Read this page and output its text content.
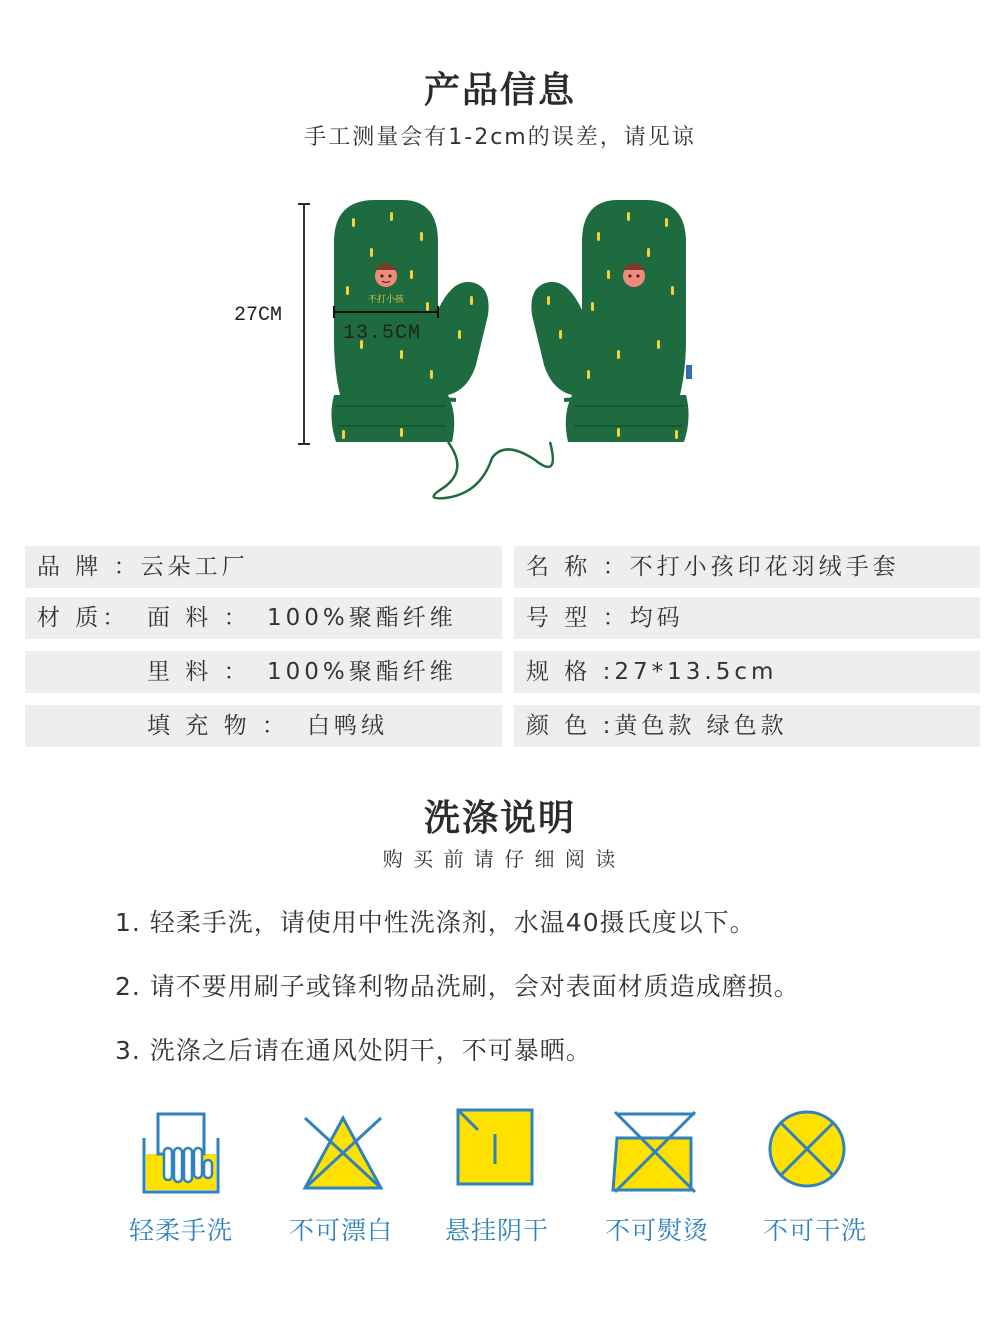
产品信息
手工测量会有1-2cm的误差，请见谅
不打小孩
27CM
13.5CM
品 牌 ：云朵工厂	名 称 ：不打小孩印花羽绒手套
材 质： 面 料 ： 100%聚酯纤维	号 型 ：均码
里 料 ： 100%聚酯纤维	规 格 :27*13.5cm
填 充 物 ： 白鸭绒	颜 色 :黄色款 绿色款
洗涤说明
购 买 前 请 仔 细 阅 读
1. 轻柔手洗，请使用中性洗涤剂，水温40摄氏度以下。
2. 请不要用刷子或锋利物品洗刷，会对表面材质造成磨损。
3. 洗涤之后请在通风处阴干，不可暴晒。
轻柔手洗	不可漂白	悬挂阴干	不可熨烫	不可干洗
